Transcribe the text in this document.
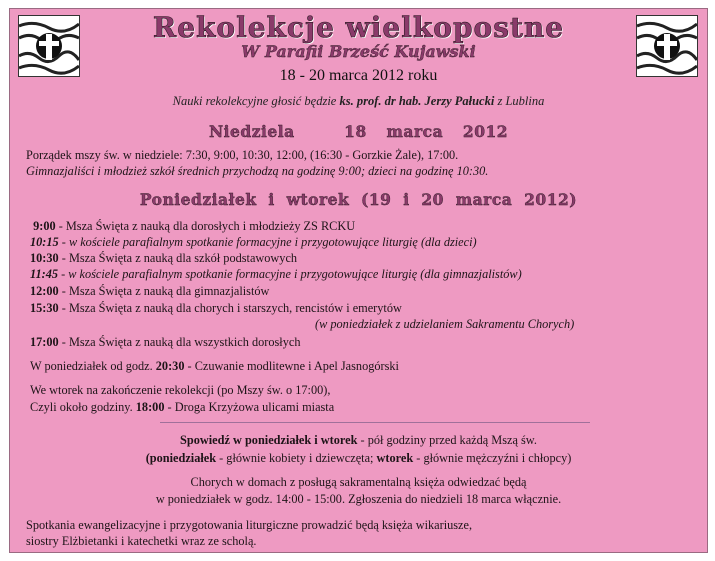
Rekolekcje wielkopostne
W Parafii Brześć Kujawski
18 - 20 marca 2012 roku
Nauki rekolekcyjne głosić będzie ks. prof. dr hab. Jerzy Pałucki z Lublina
Niedziela     18  marca  2012
Porządek mszy św. w niedziele: 7:30, 9:00, 10:30, 12:00, (16:30 - Gorzkie Żale), 17:00.
Gimnazjaliści i młodzież szkół średnich przychodzą na godzinę 9:00; dzieci na godzinę 10:30.
Poniedziałek  i  wtorek  (19  i  20  marca  2012)
9:00 - Msza Święta z nauką dla dorosłych i młodzieży ZS RCKU
10:15 - w kościele parafialnym spotkanie formacyjne i przygotowujące liturgię (dla dzieci)
10:30 - Msza Święta z nauką dla szkół podstawowych
11:45 - w kościele parafialnym spotkanie formacyjne i przygotowujące liturgię (dla gimnazjalistów)
12:00 - Msza Święta z nauką dla gimnazjalistów
15:30 - Msza Święta z nauką dla chorych i starszych, rencistów i emerytów
(w poniedziałek z udzielaniem Sakramentu Chorych)
17:00 - Msza Święta z nauką dla wszystkich dorosłych
W poniedziałek od godz. 20:30 - Czuwanie modlitewne i Apel Jasnogórski
We wtorek na zakończenie rekolekcji (po Mszy św. o 17:00),
Czyli około godziny. 18:00 - Droga Krzyżowa ulicami miasta
Spowiedź w poniedziałek i wtorek - pół godziny przed każdą Mszą św.
(poniedziałek - głównie kobiety i dziewczęta; wtorek - głównie mężczyźni i chłopcy)
Chorych w domach z posługą sakramentalną księża odwiedzać będą
w poniedziałek w godz. 14:00 - 15:00. Zgłoszenia do niedzieli 18 marca włącznie.
Spotkania ewangelizacyjne i przygotowania liturgiczne prowadzić będą księża wikariusze,
siostry Elżbietanki i katechetki wraz ze scholą.
